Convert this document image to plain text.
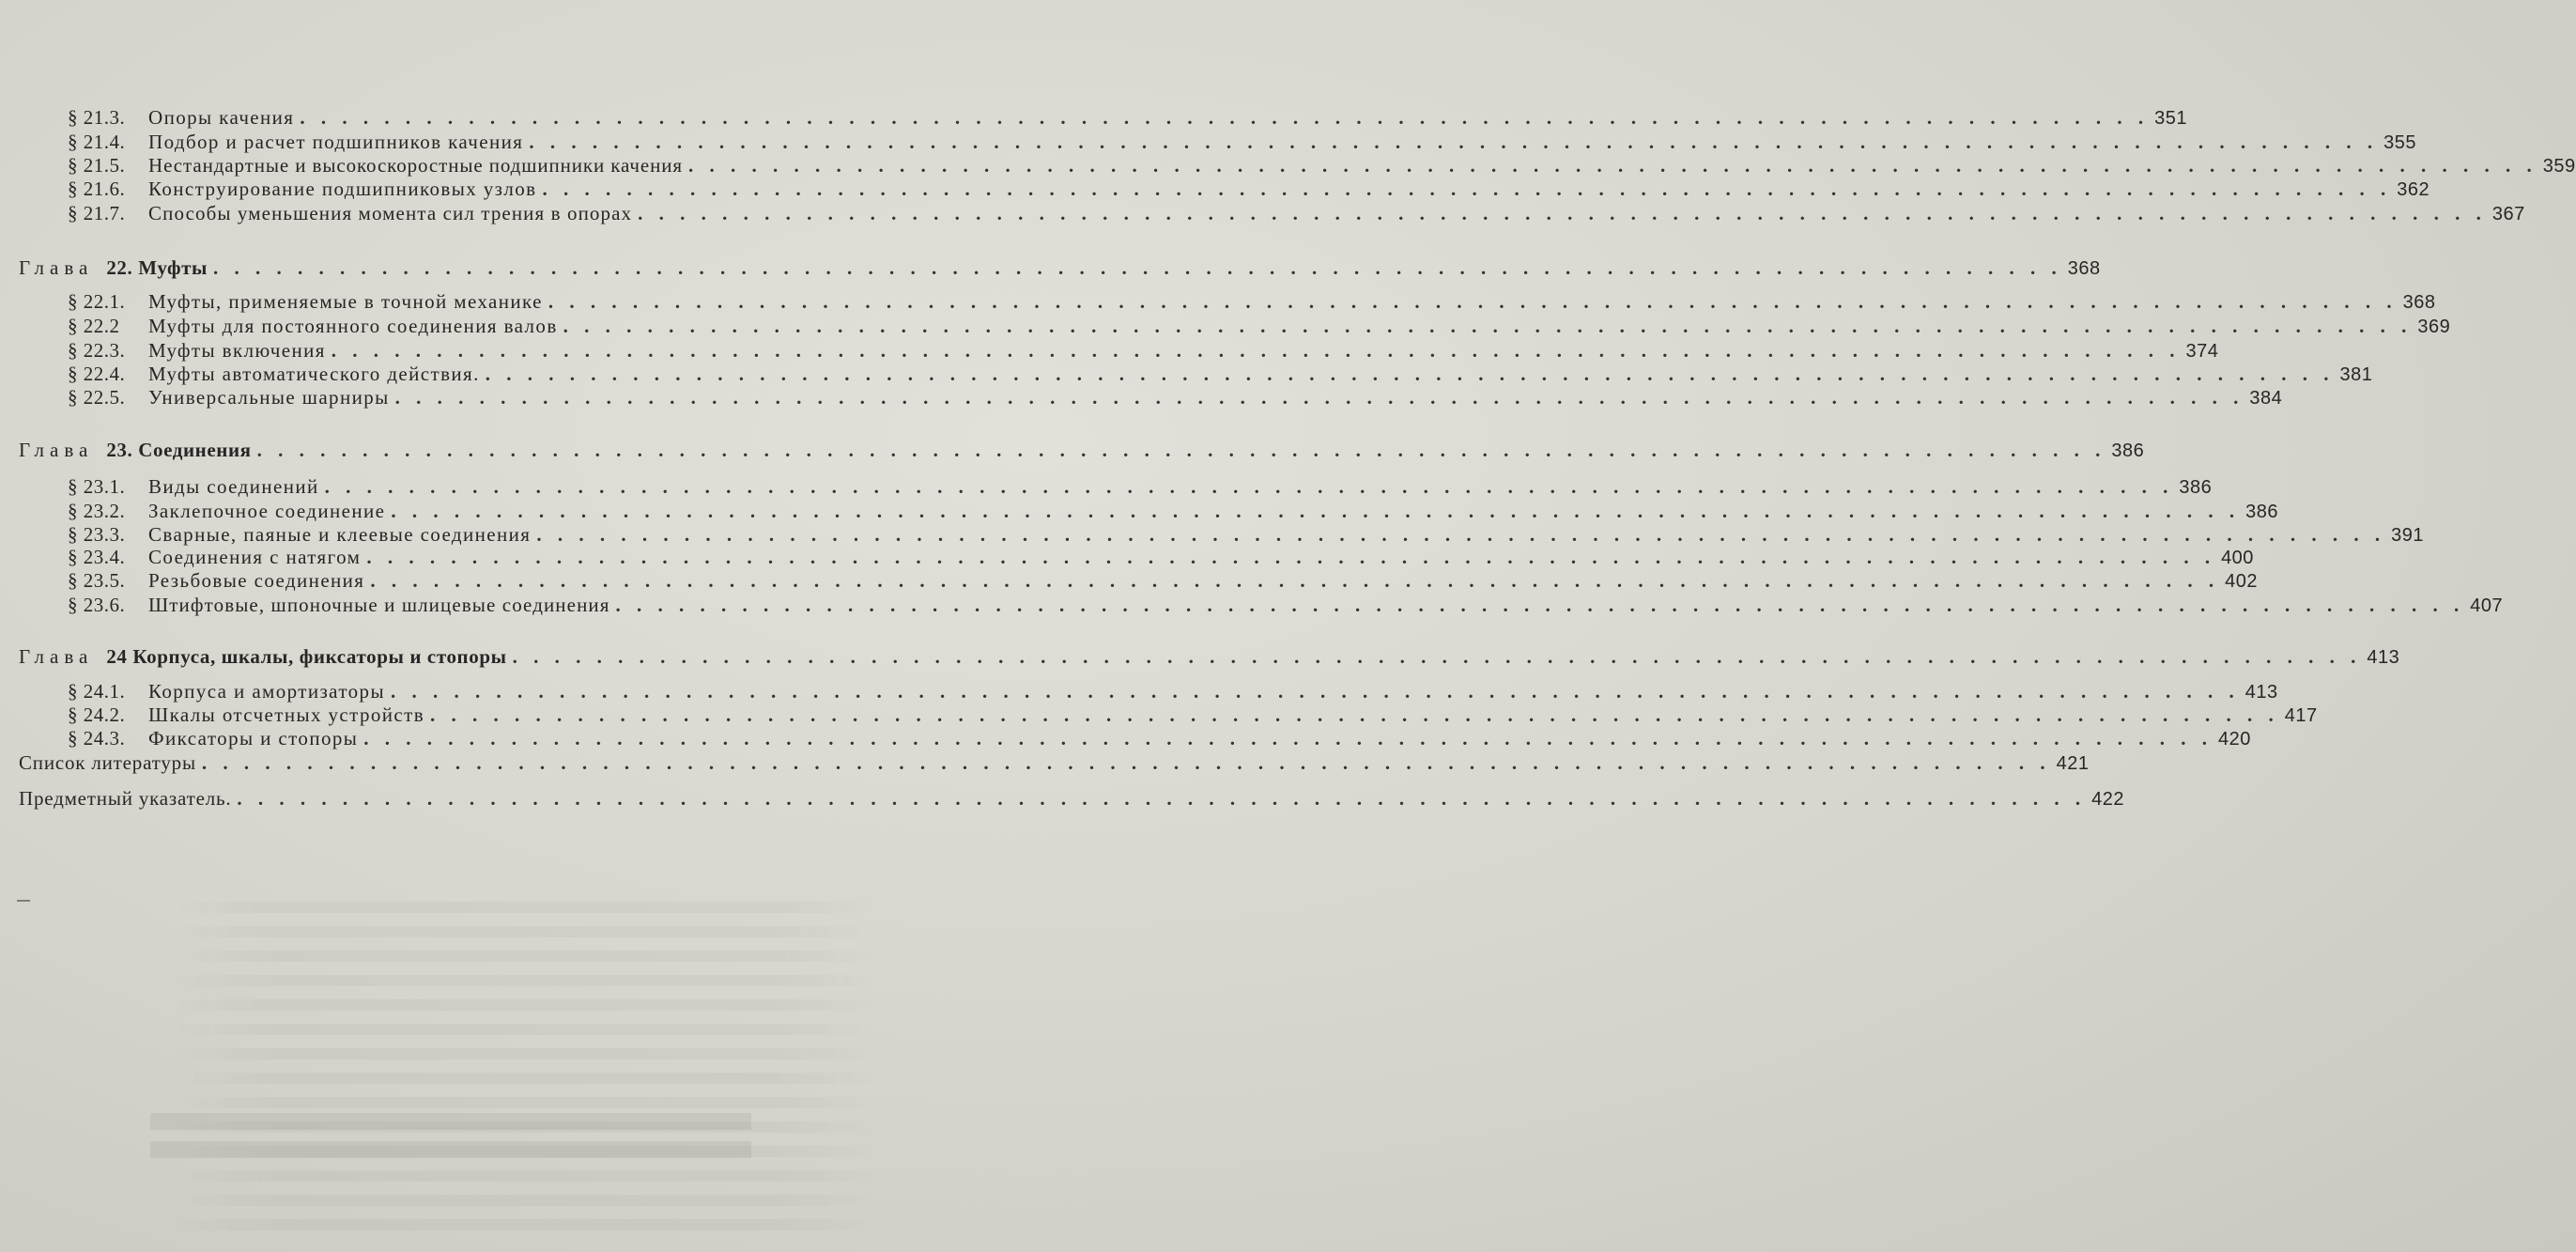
§ 21.3.	Опоры качения . . .	351
§ 21.4.	Подбор и расчет подшипников качения . . .	355
§ 21.5.	Нестандартные и высокоскоростные подшипники качения . . .	359
§ 21.6.	Конструирование подшипниковых узлов . . .	362
§ 21.7.	Способы уменьшения момента сил трения в опорах . . .	367
Глава 22. Муфты . . .	368
§ 22.1.	Муфты, применяемые в точной механике . . .	368
§ 22.2	Муфты для постоянного соединения валов . . .	369
§ 22.3.	Муфты включения . . .	374
§ 22.4.	Муфты автоматического действия. . . .	381
§ 22.5.	Универсальные шарниры . . .	384
Глава 23. Соединения . . .	386
§ 23.1.	Виды соединений . . .	386
§ 23.2.	Заклепочное соединение . . .	386
§ 23.3.	Сварные, паяные и клеевые соединения . . .	391
§ 23.4.	Соединения с натягом . . .	400
§ 23.5.	Резьбовые соединения . . .	402
§ 23.6.	Штифтовые, шпоночные и шлицевые соединения . . .	407
Глава 24 Корпуса, шкалы, фиксаторы и стопоры . . .	413
§ 24.1.	Корпуса и амортизаторы . . .	413
§ 24.2.	Шкалы отсчетных устройств . . .	417
§ 24.3.	Фиксаторы и стопоры . . .	420
Список литературы . . .	421
Предметный указатель. . . .	422
